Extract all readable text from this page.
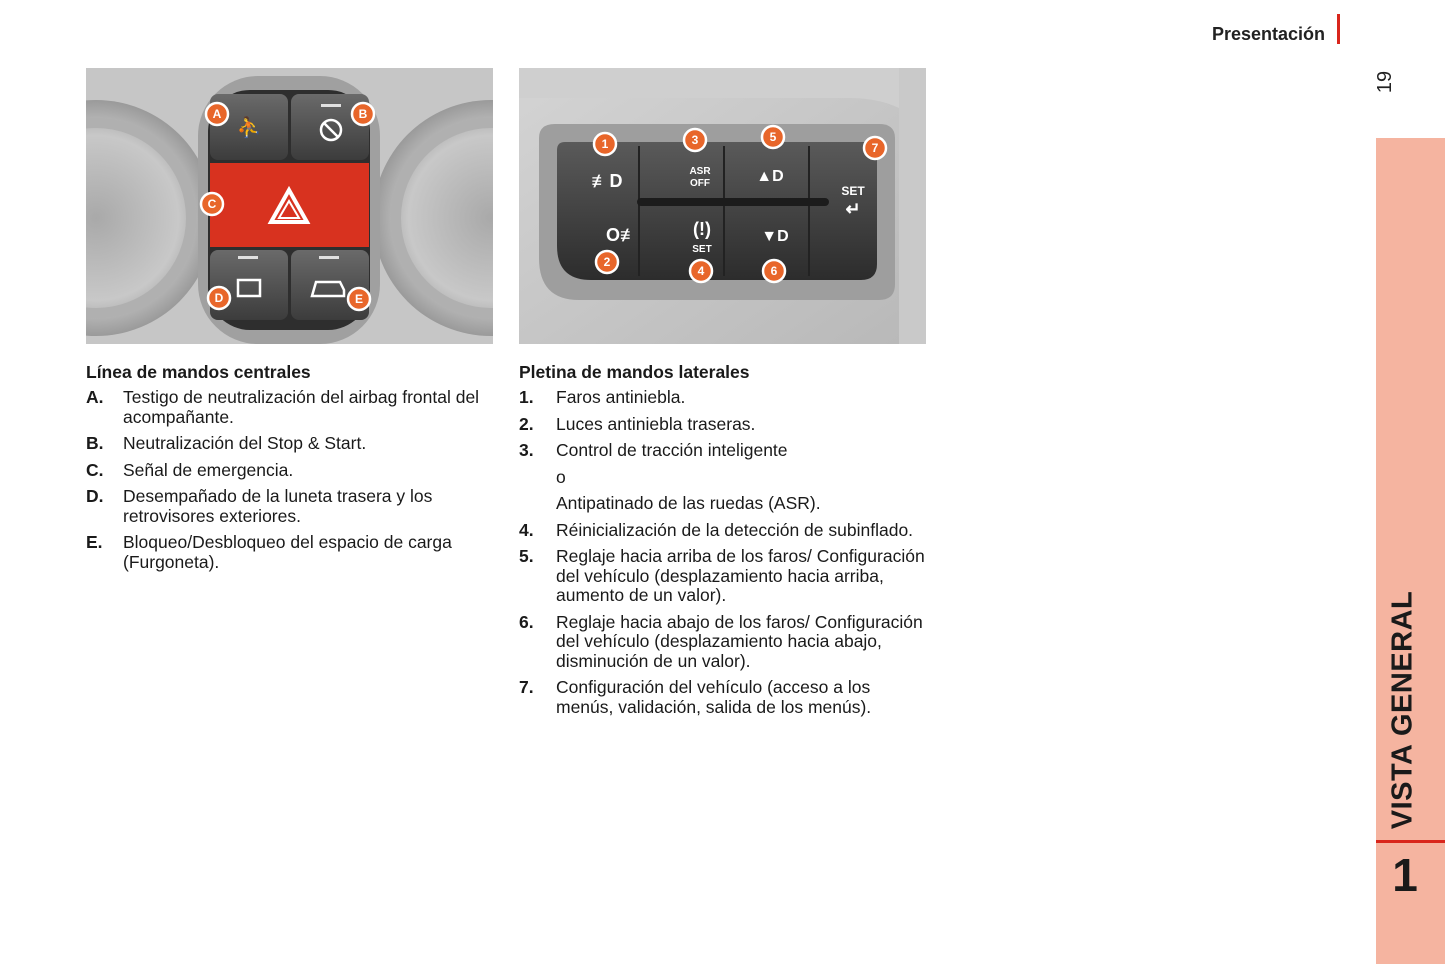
Presentación
19
VISTA GENERAL
1
⛹
A	B
C
D	E
≢D
O≢
ASR
OFF
(!)
SET
▲D
▼D
SET
↵
1
2
3
4
5
6
7
Línea de mandos centrales
A.	Testigo de neutralización del airbag frontal del acompañante.
B.	Neutralización del Stop & Start.
C.	Señal de emergencia.
D.	Desempañado de la luneta trasera y los retrovisores exteriores.
E.	Bloqueo/Desbloqueo del espacio de carga (Furgoneta).
Pletina de mandos laterales
1.	Faros antiniebla.
2.	Luces antiniebla traseras.
3.	Control de tracción inteligente
o
Antipatinado de las ruedas (ASR).
4.	Réinicialización de la detección de subinflado.
5.	Reglaje hacia arriba de los faros/ Configuración del vehículo (desplazamiento hacia arriba, aumento de un valor).
6.	Reglaje hacia abajo de los faros/ Configuración del vehículo (desplazamiento hacia abajo, disminución de un valor).
7.	Configuración del vehículo (acceso a los menús, validación, salida de los menús).
